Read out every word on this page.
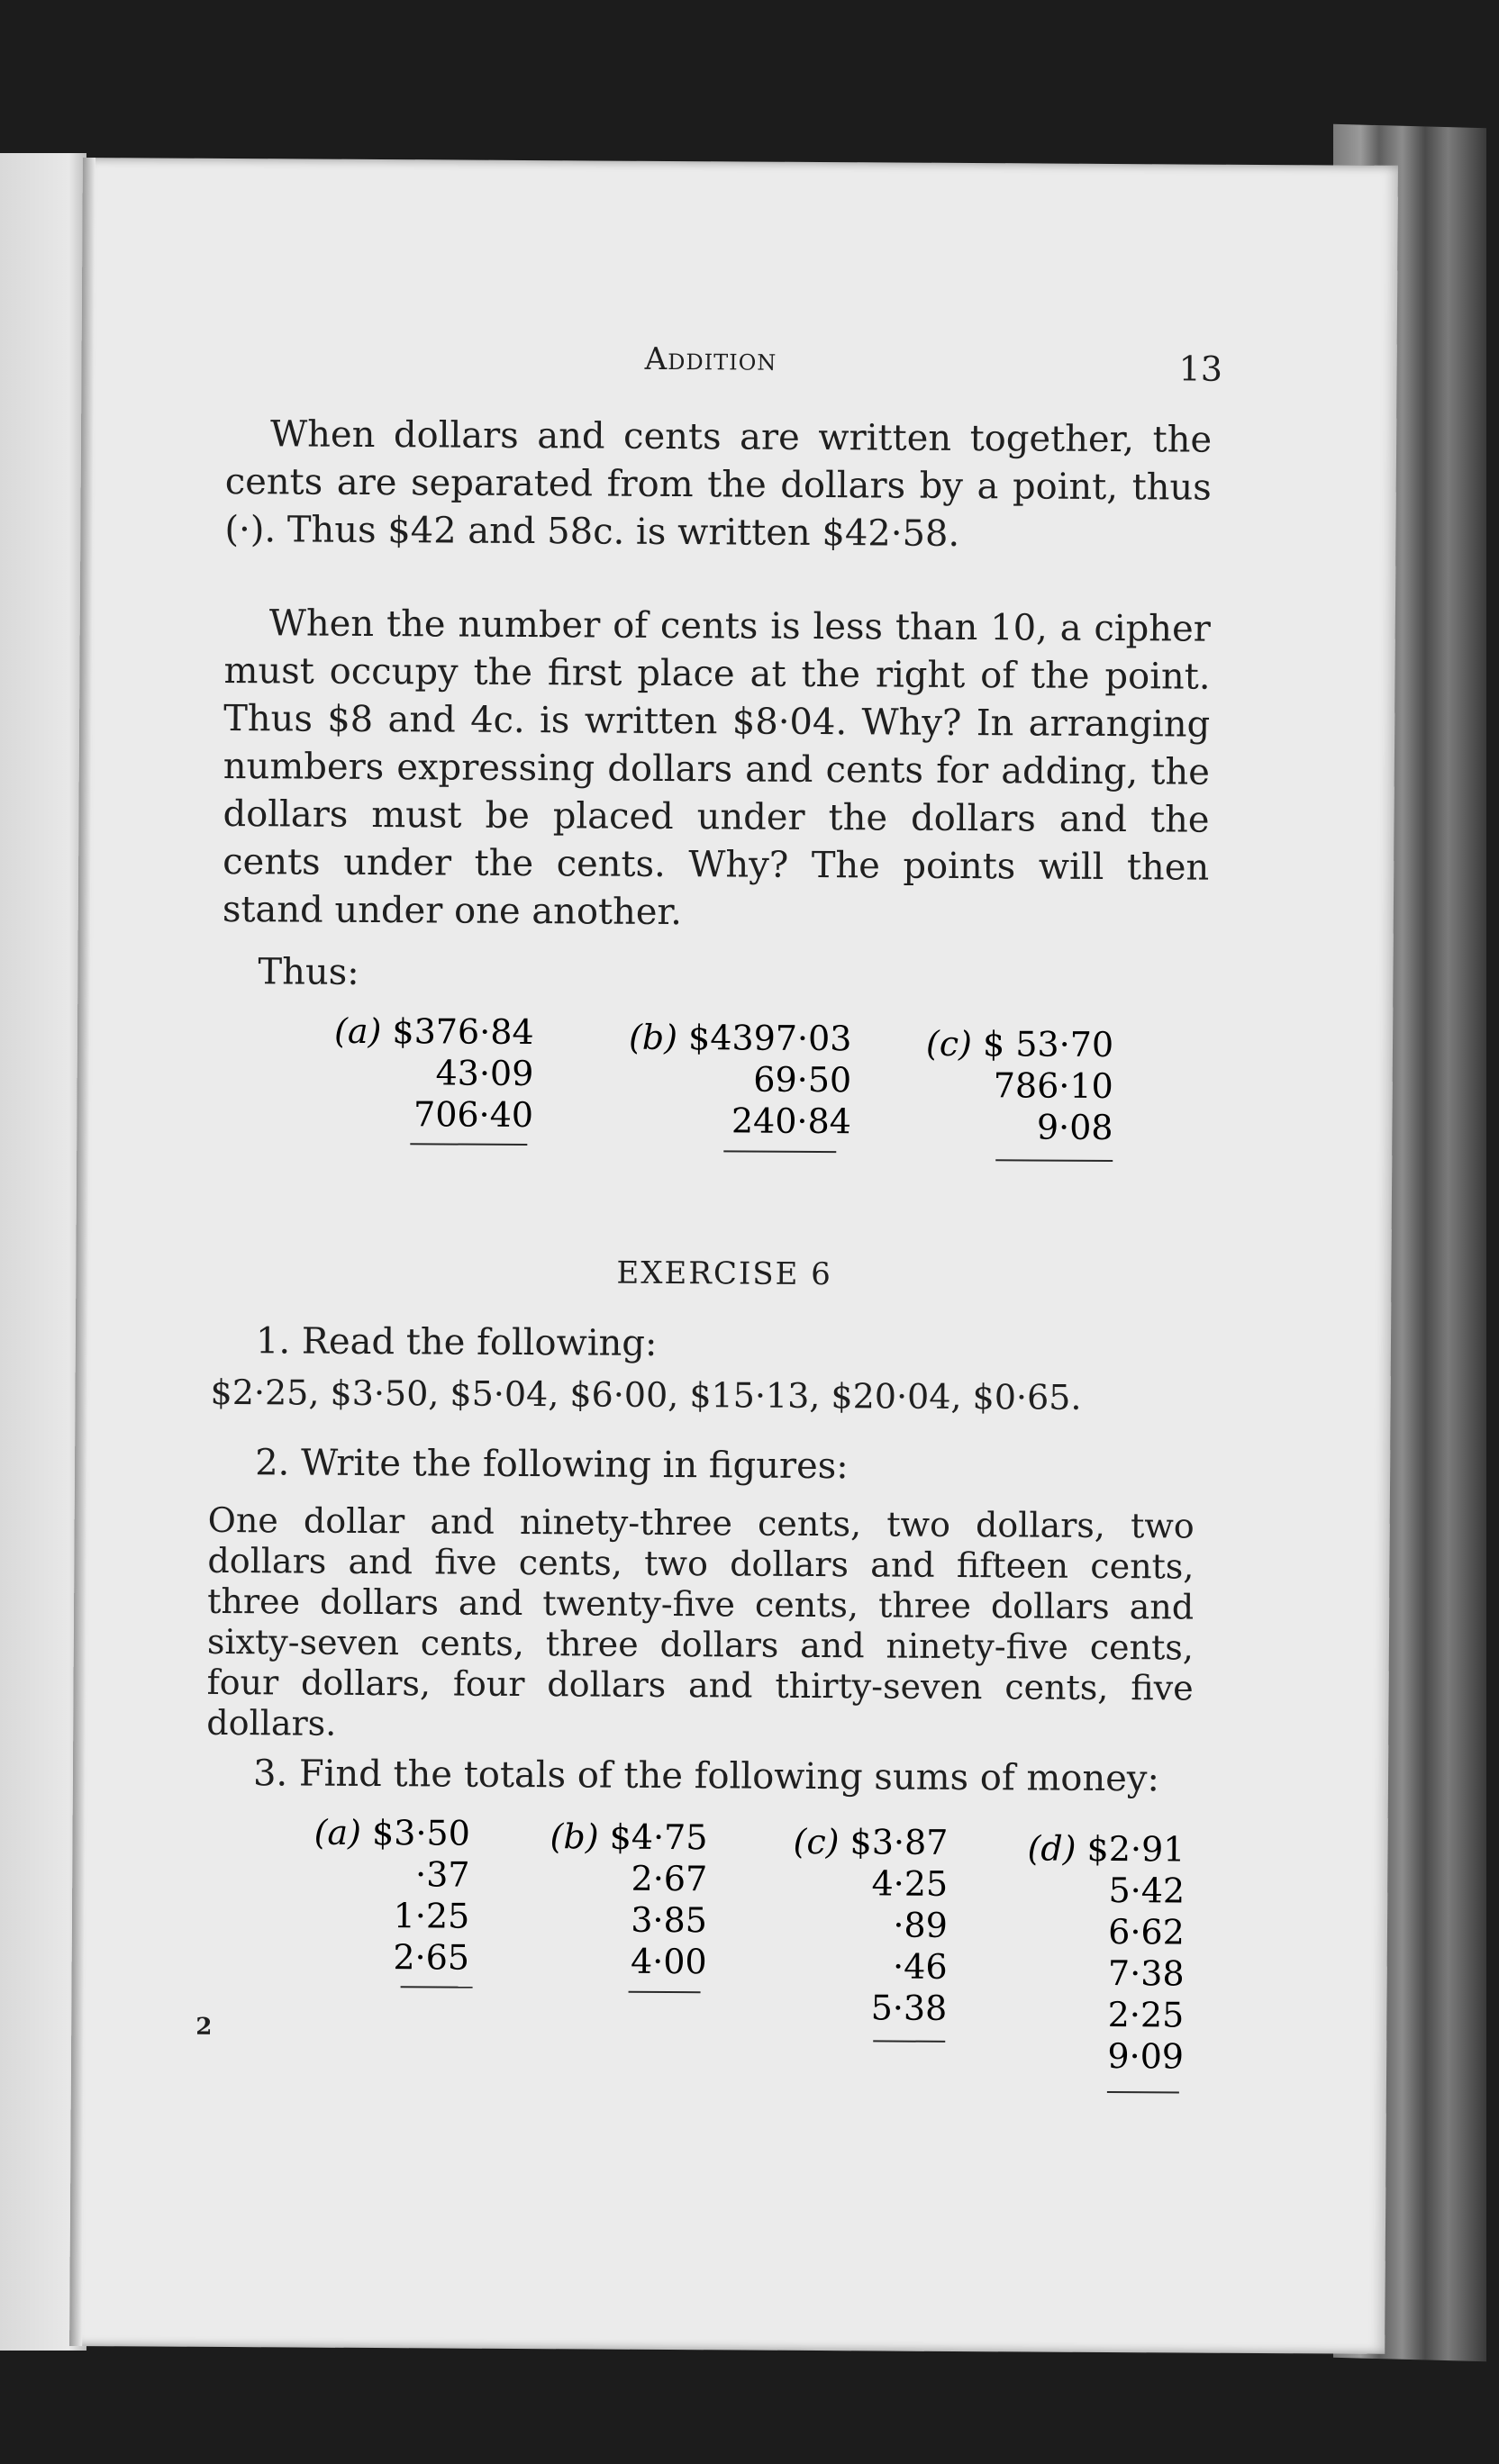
Addition	13
When dollars and cents are written together, the cents are separated from the dollars by a point, thus (·). Thus $42 and 58c. is written $42·58.
When the number of cents is less than 10, a cipher must occupy the first place at the right of the point. Thus $8 and 4c. is written $8·04. Why? In arranging numbers expressing dollars and cents for adding, the dollars must be placed under the dollars and the cents under the cents. Why? The points will then stand under one another.
Thus:
(a) $376·84
43·09
706·40
(b) $4397·03
69·50
240·84
(c) $ 53·70
786·10
9·08
EXERCISE 6
1. Read the following:
$2·25, $3·50, $5·04, $6·00, $15·13, $20·04, $0·65.
2. Write the following in figures:
One dollar and ninety-three cents, two dollars, two dollars and five cents, two dollars and fifteen cents, three dollars and twenty-five cents, three dollars and sixty-seven cents, three dollars and ninety-five cents, four dollars, four dollars and thirty-seven cents, five dollars.
3. Find the totals of the following sums of money:
(a) $3·50
·37
1·25
2·65
(b) $4·75
2·67
3·85
4·00
(c) $3·87
4·25
·89
·46
5·38
(d) $2·91
5·42
6·62
7·38
2·25
9·09
2
